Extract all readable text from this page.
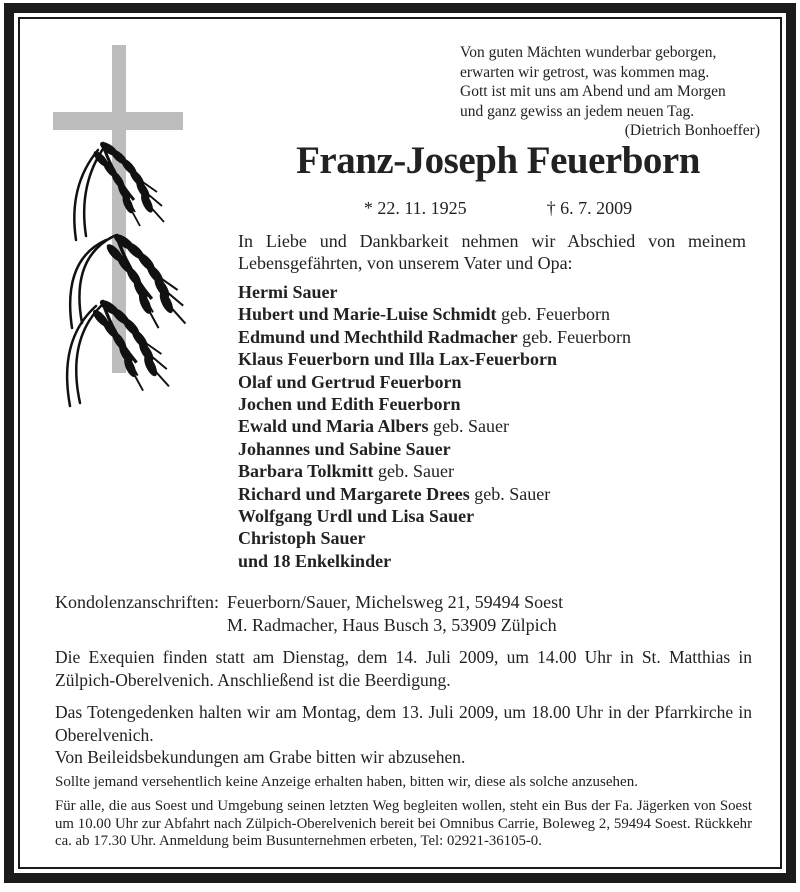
Von guten Mächten wunderbar geborgen,
erwarten wir getrost, was kommen mag.
Gott ist mit uns am Abend und am Morgen
und ganz gewiss an jedem neuen Tag.
(Dietrich Bonhoeffer)
Franz-Joseph Feuerborn
* 22. 11. 1925	† 6. 7. 2009
In Liebe und Dankbarkeit nehmen wir Abschied von meinem Lebensgefährten, von unserem Vater und Opa:
Hermi Sauer
Hubert und Marie-Luise Schmidt geb. Feuerborn
Edmund und Mechthild Radmacher geb. Feuerborn
Klaus Feuerborn und Illa Lax-Feuerborn
Olaf und Gertrud Feuerborn
Jochen und Edith Feuerborn
Ewald und Maria Albers geb. Sauer
Johannes und Sabine Sauer
Barbara Tolkmitt geb. Sauer
Richard und Margarete Drees geb. Sauer
Wolfgang Urdl und Lisa Sauer
Christoph Sauer
und 18 Enkelkinder
Kondolenzanschriften: Feuerborn/Sauer, Michelsweg 21, 59494 Soest
M. Radmacher, Haus Busch 3, 53909 Zülpich
Die Exequien finden statt am Dienstag, dem 14. Juli 2009, um 14.00 Uhr in St. Matthias in Zülpich-Oberelvenich. Anschließend ist die Beerdigung.
Das Totengedenken halten wir am Montag, dem 13. Juli 2009, um 18.00 Uhr in der Pfarrkirche in Oberelvenich.
Von Beileidsbekundungen am Grabe bitten wir abzusehen.
Sollte jemand versehentlich keine Anzeige erhalten haben, bitten wir, diese als solche anzusehen.
Für alle, die aus Soest und Umgebung seinen letzten Weg begleiten wollen, steht ein Bus der Fa. Jägerken von Soest um 10.00 Uhr zur Abfahrt nach Zülpich-Oberelvenich bereit bei Omnibus Carrie, Boleweg 2, 59494 Soest. Rückkehr ca. ab 17.30 Uhr. Anmeldung beim Busunternehmen erbeten, Tel: 02921-36105-0.
